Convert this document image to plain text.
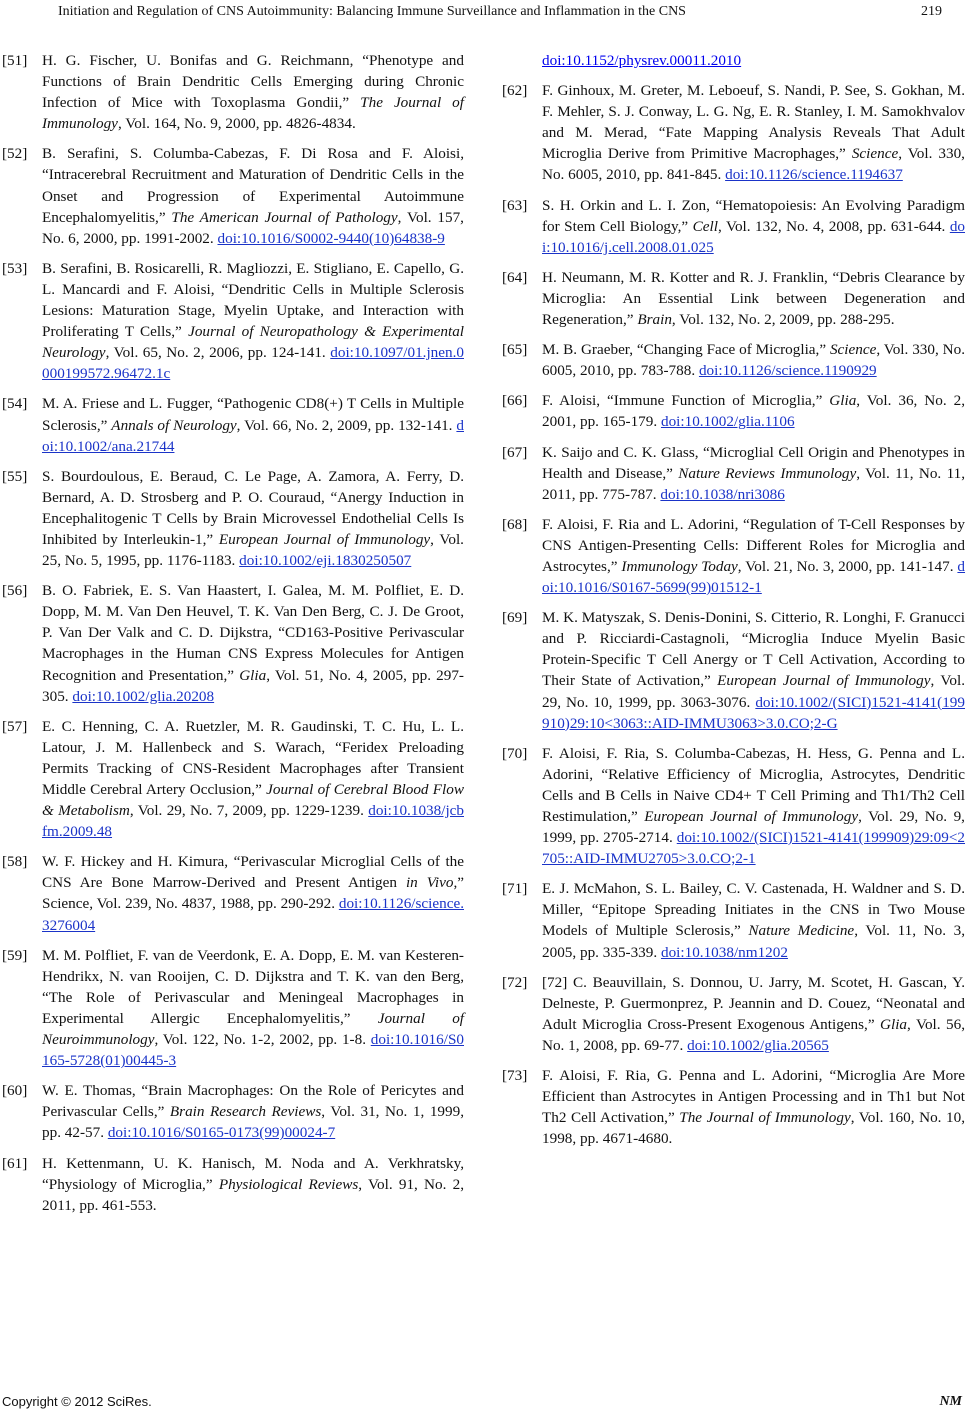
Initiation and Regulation of CNS Autoimmunity: Balancing Immune Surveillance and Inflammation in the CNS	219
[51] H. G. Fischer, U. Bonifas and G. Reichmann, “Phenotype and Functions of Brain Dendritic Cells Emerging during Chronic Infection of Mice with Toxoplasma Gondii,” The Journal of Immunology, Vol. 164, No. 9, 2000, pp. 4826-4834.
[52] B. Serafini, S. Columba-Cabezas, F. Di Rosa and F. Aloisi, “Intracerebral Recruitment and Maturation of Dendritic Cells in the Onset and Progression of Experimental Autoimmune Encephalomyelitis,” The American Journal of Pathology, Vol. 157, No. 6, 2000, pp. 1991-2002. doi:10.1016/S0002-9440(10)64838-9
[53] B. Serafini, B. Rosicarelli, R. Magliozzi, E. Stigliano, E. Capello, G. L. Mancardi and F. Aloisi, “Dendritic Cells in Multiple Sclerosis Lesions: Maturation Stage, Myelin Uptake, and Interaction with Proliferating T Cells,” Journal of Neuropathology & Experimental Neurology, Vol. 65, No. 2, 2006, pp. 124-141. doi:10.1097/01.jnen.0000199572.96472.1c
[54] M. A. Friese and L. Fugger, “Pathogenic CD8(+) T Cells in Multiple Sclerosis,” Annals of Neurology, Vol. 66, No. 2, 2009, pp. 132-141. doi:10.1002/ana.21744
[55] S. Bourdoulous, E. Beraud, C. Le Page, A. Zamora, A. Ferry, D. Bernard, A. D. Strosberg and P. O. Couraud, “Anergy Induction in Encephalitogenic T Cells by Brain Microvessel Endothelial Cells Is Inhibited by Interleukin-1,” European Journal of Immunology, Vol. 25, No. 5, 1995, pp. 1176-1183. doi:10.1002/eji.1830250507
[56] B. O. Fabriek, E. S. Van Haastert, I. Galea, M. M. Polfliet, E. D. Dopp, M. M. Van Den Heuvel, T. K. Van Den Berg, C. J. De Groot, P. Van Der Valk and C. D. Dijkstra, “CD163-Positive Perivascular Macrophages in the Human CNS Express Molecules for Antigen Recognition and Presentation,” Glia, Vol. 51, No. 4, 2005, pp. 297-305. doi:10.1002/glia.20208
[57] E. C. Henning, C. A. Ruetzler, M. R. Gaudinski, T. C. Hu, L. L. Latour, J. M. Hallenbeck and S. Warach, “Feridex Preloading Permits Tracking of CNS-Resident Macrophages after Transient Middle Cerebral Artery Occlusion,” Journal of Cerebral Blood Flow & Metabolism, Vol. 29, No. 7, 2009, pp. 1229-1239. doi:10.1038/jcbfm.2009.48
[58] W. F. Hickey and H. Kimura, “Perivascular Microglial Cells of the CNS Are Bone Marrow-Derived and Present Antigen in Vivo,” Science, Vol. 239, No. 4837, 1988, pp. 290-292. doi:10.1126/science.3276004
[59] M. M. Polfliet, F. van de Veerdonk, E. A. Dopp, E. M. van Kesteren-Hendrikx, N. van Rooijen, C. D. Dijkstra and T. K. van den Berg, “The Role of Perivascular and Meningeal Macrophages in Experimental Allergic Encephalomyelitis,” Journal of Neuroimmunology, Vol. 122, No. 1-2, 2002, pp. 1-8. doi:10.1016/S0165-5728(01)00445-3
[60] W. E. Thomas, “Brain Macrophages: On the Role of Pericytes and Perivascular Cells,” Brain Research Reviews, Vol. 31, No. 1, 1999, pp. 42-57. doi:10.1016/S0165-0173(99)00024-7
[61] H. Kettenmann, U. K. Hanisch, M. Noda and A. Verkhratsky, “Physiology of Microglia,” Physiological Reviews, Vol. 91, No. 2, 2011, pp. 461-553.
doi:10.1152/physrev.00011.2010
[62] F. Ginhoux, M. Greter, M. Leboeuf, S. Nandi, P. See, S. Gokhan, M. F. Mehler, S. J. Conway, L. G. Ng, E. R. Stanley, I. M. Samokhvalov and M. Merad, “Fate Mapping Analysis Reveals That Adult Microglia Derive from Primitive Macrophages,” Science, Vol. 330, No. 6005, 2010, pp. 841-845. doi:10.1126/science.1194637
[63] S. H. Orkin and L. I. Zon, “Hematopoiesis: An Evolving Paradigm for Stem Cell Biology,” Cell, Vol. 132, No. 4, 2008, pp. 631-644. doi:10.1016/j.cell.2008.01.025
[64] H. Neumann, M. R. Kotter and R. J. Franklin, “Debris Clearance by Microglia: An Essential Link between Degeneration and Regeneration,” Brain, Vol. 132, No. 2, 2009, pp. 288-295.
[65] M. B. Graeber, “Changing Face of Microglia,” Science, Vol. 330, No. 6005, 2010, pp. 783-788. doi:10.1126/science.1190929
[66] F. Aloisi, “Immune Function of Microglia,” Glia, Vol. 36, No. 2, 2001, pp. 165-179. doi:10.1002/glia.1106
[67] K. Saijo and C. K. Glass, “Microglial Cell Origin and Phenotypes in Health and Disease,” Nature Reviews Immunology, Vol. 11, No. 11, 2011, pp. 775-787. doi:10.1038/nri3086
[68] F. Aloisi, F. Ria and L. Adorini, “Regulation of T-Cell Responses by CNS Antigen-Presenting Cells: Different Roles for Microglia and Astrocytes,” Immunology Today, Vol. 21, No. 3, 2000, pp. 141-147. doi:10.1016/S0167-5699(99)01512-1
[69] M. K. Matyszak, S. Denis-Donini, S. Citterio, R. Longhi, F. Granucci and P. Ricciardi-Castagnoli, “Microglia Induce Myelin Basic Protein-Specific T Cell Anergy or T Cell Activation, According to Their State of Activation,” European Journal of Immunology, Vol. 29, No. 10, 1999, pp. 3063-3076. doi:10.1002/(SICI)1521-4141(199910)29:10<3063::AID-IMMU3063>3.0.CO;2-G
[70] F. Aloisi, F. Ria, S. Columba-Cabezas, H. Hess, G. Penna and L. Adorini, “Relative Efficiency of Microglia, Astrocytes, Dendritic Cells and B Cells in Naive CD4+ T Cell Priming and Th1/Th2 Cell Restimulation,” European Journal of Immunology, Vol. 29, No. 9, 1999, pp. 2705-2714. doi:10.1002/(SICI)1521-4141(199909)29:09<2705::AID-IMMU2705>3.0.CO;2-1
[71] E. J. McMahon, S. L. Bailey, C. V. Castenada, H. Waldner and S. D. Miller, “Epitope Spreading Initiates in the CNS in Two Mouse Models of Multiple Sclerosis,” Nature Medicine, Vol. 11, No. 3, 2005, pp. 335-339. doi:10.1038/nm1202
[72] [72] C. Beauvillain, S. Donnou, U. Jarry, M. Scotet, H. Gascan, Y. Delneste, P. Guermonprez, P. Jeannin and D. Couez, “Neonatal and Adult Microglia Cross-Present Exogenous Antigens,” Glia, Vol. 56, No. 1, 2008, pp. 69-77. doi:10.1002/glia.20565
[73] F. Aloisi, F. Ria, G. Penna and L. Adorini, “Microglia Are More Efficient than Astrocytes in Antigen Processing and in Th1 but Not Th2 Cell Activation,” The Journal of Immunology, Vol. 160, No. 10, 1998, pp. 4671-4680.
Copyright © 2012 SciRes.	NM
